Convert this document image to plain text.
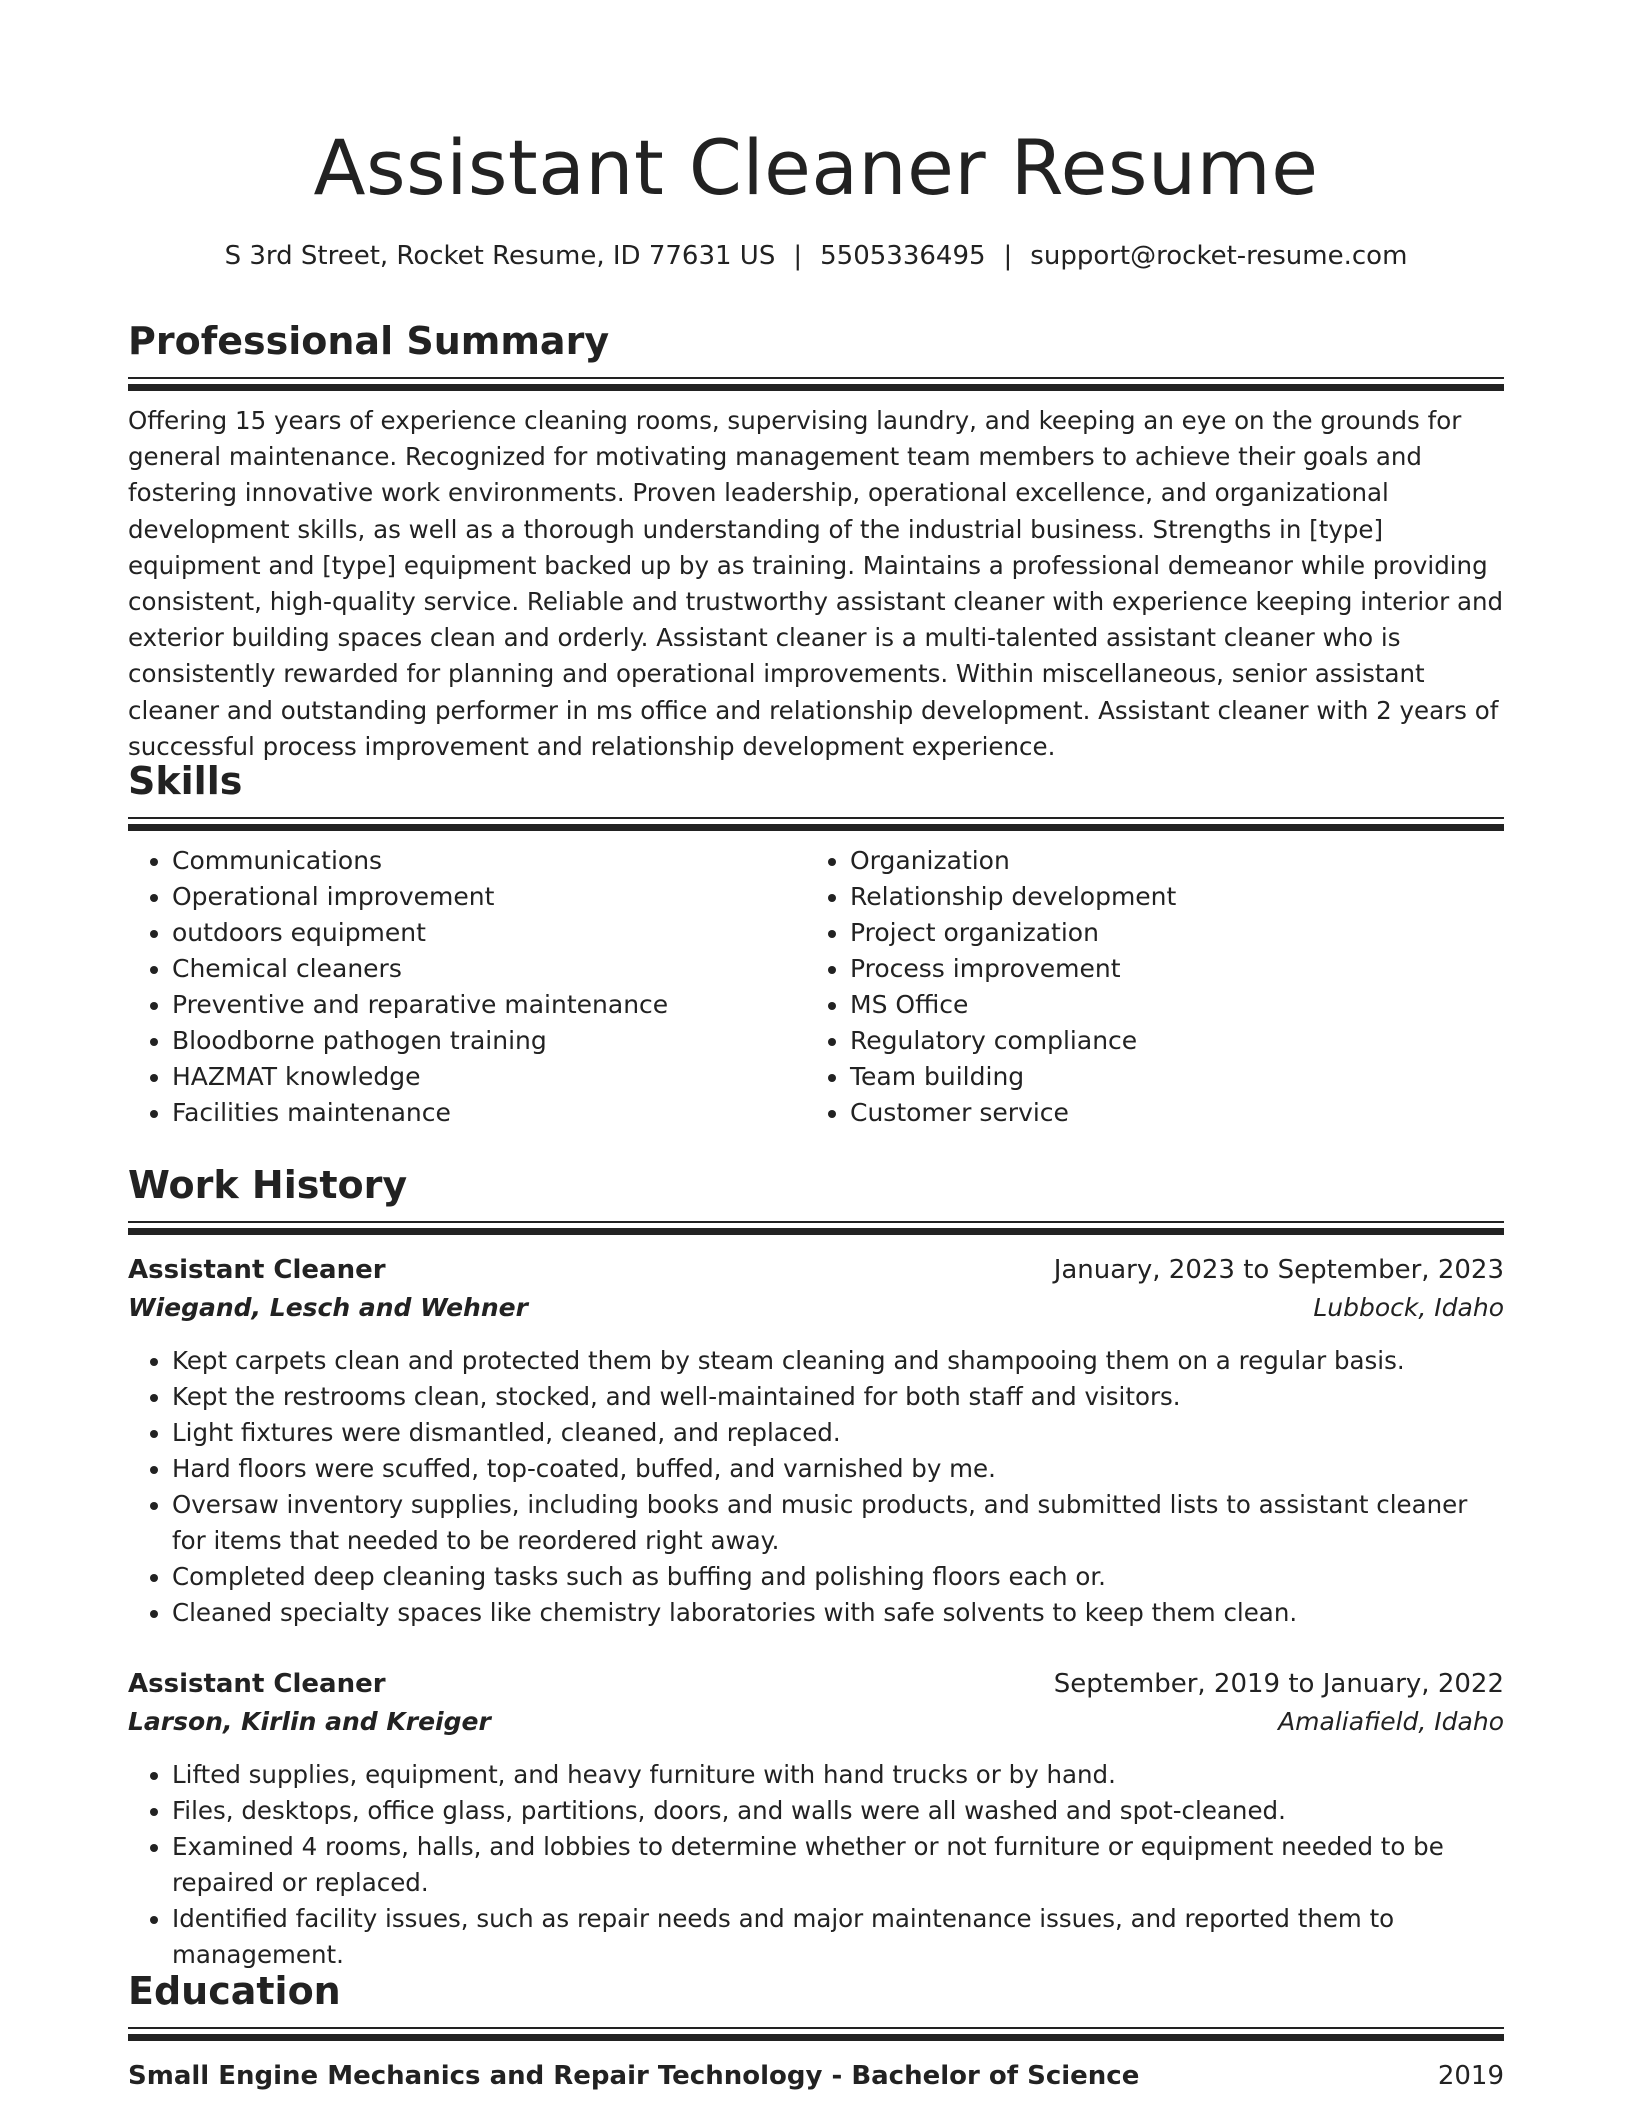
Assistant Cleaner Resume
S 3rd Street, Rocket Resume, ID 77631 US | 5505336495 | support@rocket-resume.com
Professional Summary

Offering 15 years of experience cleaning rooms, supervising laundry, and keeping an eye on the grounds for general maintenance. Recognized for motivating management team members to achieve their goals and fostering innovative work environments. Proven leadership, operational excellence, and organizational development skills, as well as a thorough understanding of the industrial business. Strengths in [type] equipment and [type] equipment backed up by as training. Maintains a professional demeanor while providing consistent, high-quality service. Reliable and trustworthy assistant cleaner with experience keeping interior and exterior building spaces clean and orderly. Assistant cleaner is a multi-talented assistant cleaner who is consistently rewarded for planning and operational improvements. Within miscellaneous, senior assistant cleaner and outstanding performer in ms office and relationship development. Assistant cleaner with 2 years of successful process improvement and relationship development experience.

Skills
• Communications
• Operational improvement
• outdoors equipment
• Chemical cleaners
• Preventive and reparative maintenance
• Bloodborne pathogen training
• HAZMAT knowledge
• Facilities maintenance
• Organization
• Relationship development
• Project organization
• Process improvement
• MS Office
• Regulatory compliance
• Team building
• Customer service
Work History
Assistant Cleaner	January, 2023 to September, 2023
Wiegand, Lesch and Wehner	Lubbock, Idaho
• Kept carpets clean and protected them by steam cleaning and shampooing them on a regular basis.
• Kept the restrooms clean, stocked, and well-maintained for both staff and visitors.
• Light fixtures were dismantled, cleaned, and replaced.
• Hard floors were scuffed, top-coated, buffed, and varnished by me.
• Oversaw inventory supplies, including books and music products, and submitted lists to assistant cleaner for items that needed to be reordered right away.
• Completed deep cleaning tasks such as buffing and polishing floors each or.
• Cleaned specialty spaces like chemistry laboratories with safe solvents to keep them clean.
Assistant Cleaner	September, 2019 to January, 2022
Larson, Kirlin and Kreiger	Amaliafield, Idaho
• Lifted supplies, equipment, and heavy furniture with hand trucks or by hand.
• Files, desktops, office glass, partitions, doors, and walls were all washed and spot-cleaned.
• Examined 4 rooms, halls, and lobbies to determine whether or not furniture or equipment needed to be repaired or replaced.
• Identified facility issues, such as repair needs and major maintenance issues, and reported them to management.
Education
Small Engine Mechanics and Repair Technology - Bachelor of Science	2019
